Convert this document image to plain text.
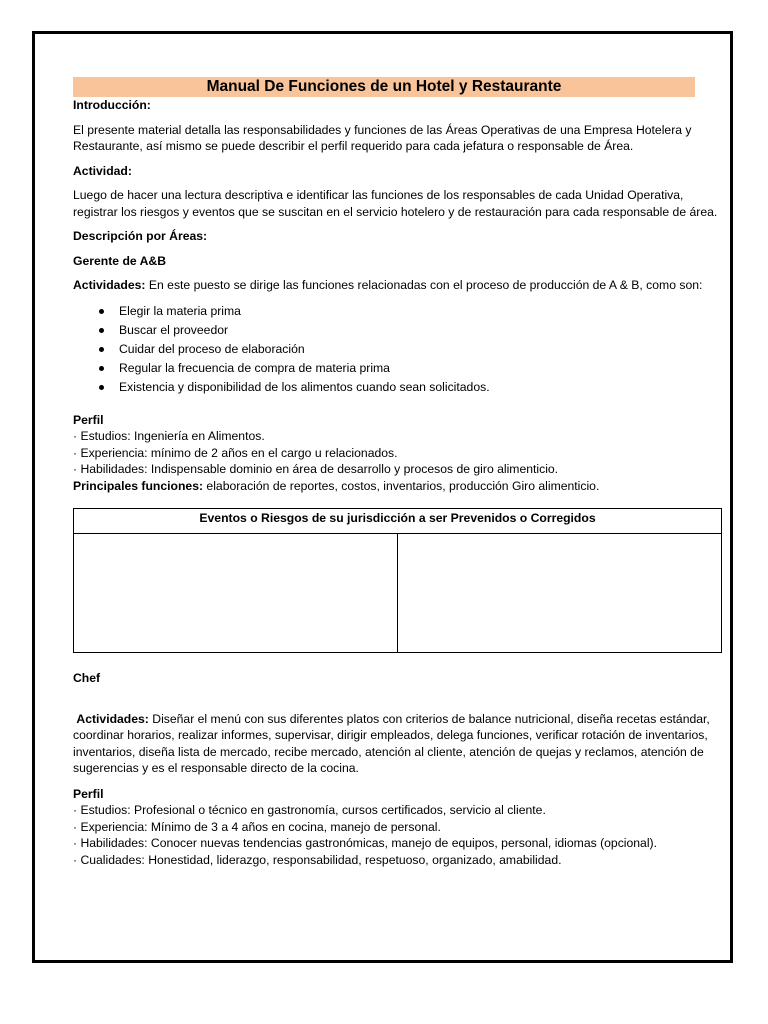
Manual De Funciones de un Hotel y Restaurante

Introducción:

El presente material detalla las responsabilidades y funciones de las Áreas Operativas de una Empresa Hotelera y Restaurante, así mismo se puede describir el perfil requerido para cada jefatura o responsable de Área.

Actividad:

Luego de hacer una lectura descriptiva e identificar las funciones de los responsables de cada Unidad Operativa, registrar los riesgos y eventos que se suscitan en el servicio hotelero y de restauración para cada responsable de área.

Descripción por Áreas:

Gerente de A&B

Actividades: En este puesto se dirige las funciones relacionadas con el proceso de producción de A & B, como son:

Elegir la materia prima
Buscar el proveedor
Cuidar del proceso de elaboración
Regular la frecuencia de compra de materia prima
Existencia y disponibilidad de los alimentos cuando sean solicitados.

Perfil

· Estudios: Ingeniería en Alimentos.

· Experiencia: mínimo de 2 años en el cargo u relacionados.

· Habilidades: Indispensable dominio en área de desarrollo y procesos de giro alimenticio.

Principales funciones: elaboración de reportes, costos, inventarios, producción Giro alimenticio.

Eventos o Riesgos de su jurisdicción a ser Prevenidos o Corregidos

Chef

Actividades: Diseñar el menú con sus diferentes platos con criterios de balance nutricional, diseña recetas estándar, coordinar horarios, realizar informes, supervisar, dirigir empleados, delega funciones, verificar rotación de inventarios, inventarios, diseña lista de mercado, recibe mercado, atención al cliente, atención de quejas y reclamos, atención de sugerencias y es el responsable directo de la cocina.

Perfil

· Estudios: Profesional o técnico en gastronomía, cursos certificados, servicio al cliente.

· Experiencia: Mínimo de 3 a 4 años en cocina, manejo de personal.

· Habilidades: Conocer nuevas tendencias gastronómicas, manejo de equipos, personal, idiomas (opcional).

· Cualidades: Honestidad, liderazgo, responsabilidad, respetuoso, organizado, amabilidad.
